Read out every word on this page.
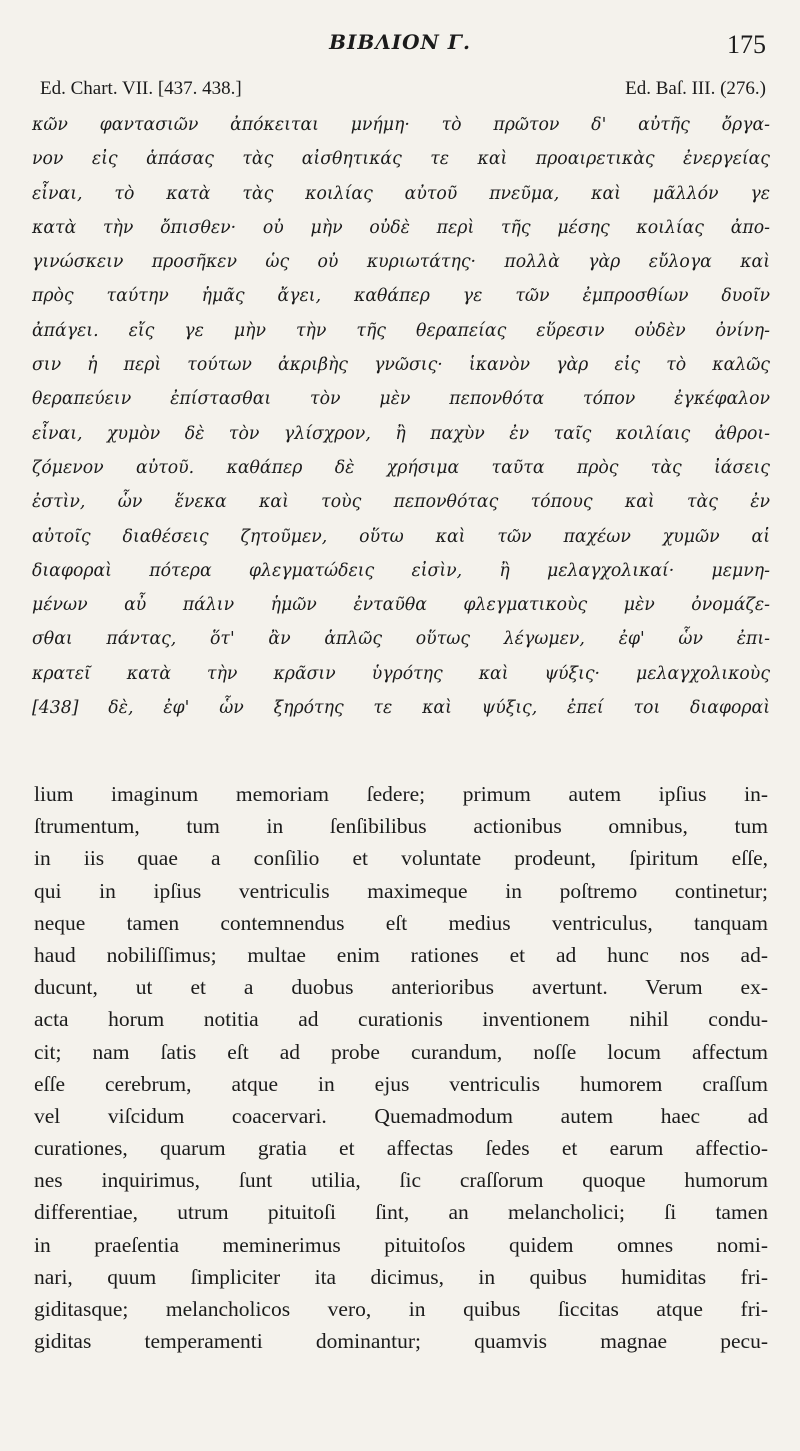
ΒΙΒΛΙΟΝ Γ.	175
Ed. Chart. VII. [437. 438.]	Ed. Baſ. III. (276.)
κῶν φαντασιῶν ἀπόκειται μνήμη· τὸ πρῶτον δ' αὐτῆς ὄργα-
νον εἰς ἁπάσας τὰς αἰσθητικάς τε καὶ προαιρετικὰς ἐνεργείας
εἶναι, τὸ κατὰ τὰς κοιλίας αὐτοῦ πνεῦμα, καὶ μᾶλλόν γε
κατὰ τὴν ὄπισθεν· οὐ μὴν οὐδὲ περὶ τῆς μέσης κοιλίας ἀπο-
γινώσκειν προσῆκεν ὡς οὐ κυριωτάτης· πολλὰ γὰρ εὔλογα καὶ
πρὸς ταύτην ἡμᾶς ἄγει, καθάπερ γε τῶν ἐμπροσθίων δυοῖν
ἀπάγει. εἴς γε μὴν τὴν τῆς θεραπείας εὕρεσιν οὐδὲν ὀνίνη-
σιν ἡ περὶ τούτων ἀκριβὴς γνῶσις· ἱκανὸν γὰρ εἰς τὸ καλῶς
θεραπεύειν ἐπίστασθαι τὸν μὲν πεπονθότα τόπον ἐγκέφαλον
εἶναι, χυμὸν δὲ τὸν γλίσχρον, ἢ παχὺν ἐν ταῖς κοιλίαις ἀθροι-
ζόμενον αὐτοῦ. καθάπερ δὲ χρήσιμα ταῦτα πρὸς τὰς ἰάσεις
ἐστὶν, ὧν ἕνεκα καὶ τοὺς πεπονθότας τόπους καὶ τὰς ἐν
αὐτοῖς διαθέσεις ζητοῦμεν, οὕτω καὶ τῶν παχέων χυμῶν αἱ
διαφοραὶ πότερα φλεγματώδεις εἰσὶν, ἢ μελαγχολικαί· μεμνη-
μένων αὖ πάλιν ἡμῶν ἐνταῦθα φλεγματικοὺς μὲν ὀνομάζε-
σθαι πάντας, ὅτ' ἂν ἁπλῶς οὕτως λέγωμεν, ἐφ' ὧν ἐπι-
κρατεῖ κατὰ τὴν κρᾶσιν ὑγρότης καὶ ψύξις· μελαγχολικοὺς
[438] δὲ, ἐφ' ὧν ξηρότης τε καὶ ψύξις, ἐπεί τοι διαφοραὶ
lium imaginum memoriam ſedere; primum autem ipſius in-
ſtrumentum, tum in ſenſibilibus actionibus omnibus, tum
in iis quae a conſilio et voluntate prodeunt, ſpiritum eſſe,
qui in ipſius ventriculis maximeque in poſtremo continetur;
neque tamen contemnendus eſt medius ventriculus, tanquam
haud nobiliſſimus; multae enim rationes et ad hunc nos ad-
ducunt, ut et a duobus anterioribus avertunt. Verum ex-
acta horum notitia ad curationis inventionem nihil condu-
cit; nam ſatis eſt ad probe curandum, noſſe locum affectum
eſſe cerebrum, atque in ejus ventriculis humorem craſſum
vel viſcidum coacervari. Quemadmodum autem haec ad
curationes, quarum gratia et affectas ſedes et earum affectio-
nes inquirimus, ſunt utilia, ſic craſſorum quoque humorum
differentiae, utrum pituitoſi ſint, an melancholici; ſi tamen
in praeſentia meminerimus pituitoſos quidem omnes nomi-
nari, quum ſimpliciter ita dicimus, in quibus humiditas fri-
giditasque; melancholicos vero, in quibus ſiccitas atque fri-
giditas temperamenti dominantur; quamvis magnae pecu-
